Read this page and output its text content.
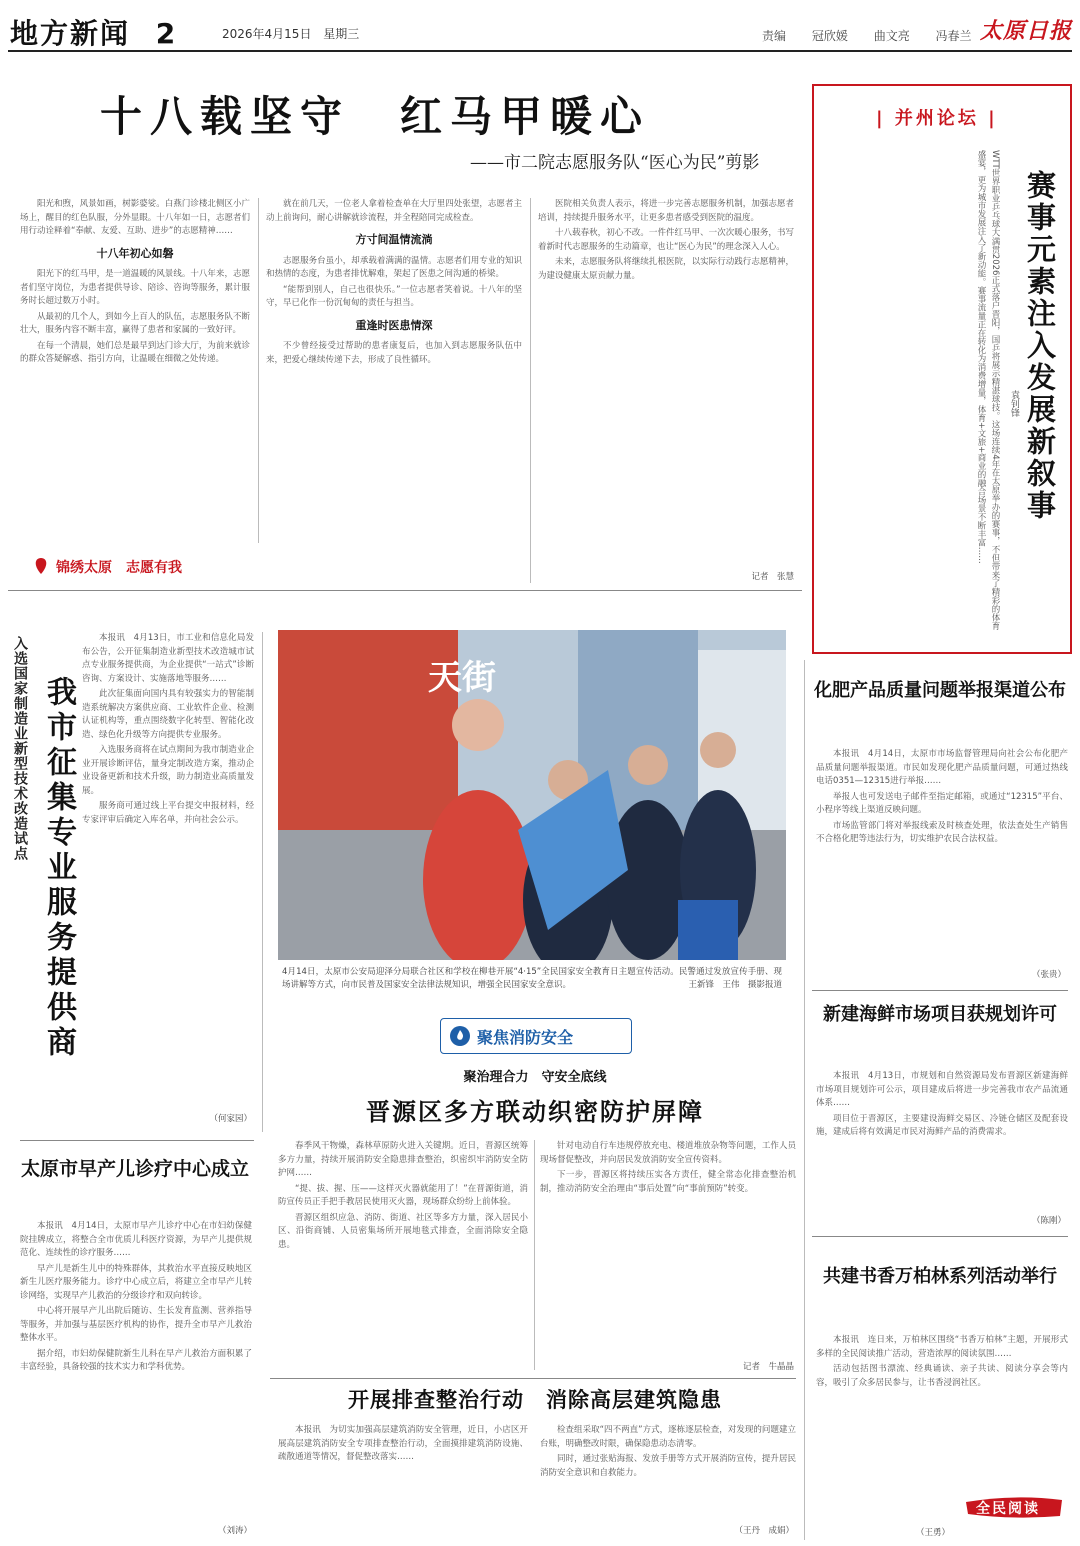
地方新闻 2	2026年4月15日 星期三	责编 冠欣媛 曲文亮 冯春兰 太原日报
十八载坚守　红马甲暖心
——市二院志愿服务队“医心为民”剪影

阳光和煦，风景如画，树影婆娑。白燕门诊楼北侧区小广场上，醒目的红色队服，分外显眼。十八年如一日，志愿者们用行动诠释着“奉献、友爱、互助、进步”的志愿精神……

十八年初心如磐

阳光下的红马甲，是一道温暖的风景线。十八年来，志愿者们坚守岗位，为患者提供导诊、陪诊、咨询等服务，累计服务时长超过数万小时。

从最初的几个人，到如今上百人的队伍，志愿服务队不断壮大，服务内容不断丰富，赢得了患者和家属的一致好评。

在每一个清晨，她们总是最早到达门诊大厅，为前来就诊的群众答疑解惑、指引方向，让温暖在细微之处传递。

就在前几天，一位老人拿着检查单在大厅里四处张望，志愿者主动上前询问，耐心讲解就诊流程，并全程陪同完成检查。

方寸间温情流淌

志愿服务台虽小，却承载着满满的温情。志愿者们用专业的知识和热情的态度，为患者排忧解难，架起了医患之间沟通的桥梁。

“能帮到别人，自己也很快乐。”一位志愿者笑着说。十八年的坚守，早已化作一份沉甸甸的责任与担当。

重逢时医患情深

不少曾经接受过帮助的患者康复后，也加入到志愿服务队伍中来，把爱心继续传递下去，形成了良性循环。

医院相关负责人表示，将进一步完善志愿服务机制，加强志愿者培训，持续提升服务水平，让更多患者感受到医院的温度。

十八载春秋，初心不改。一件件红马甲、一次次暖心服务，书写着新时代志愿服务的生动篇章，也让“医心为民”的理念深入人心。

未来，志愿服务队将继续扎根医院，以实际行动践行志愿精神，为建设健康太原贡献力量。

记者　张慧
锦绣太原　志愿有我
| 并州论坛 |
WTT世界职业乒乓球大满贯2026正式落户晋阳，国乒将展示精湛球技。这场连续4年在太原举办的赛事，不但带来了精彩的体育盛宴，更为城市发展注入了新动能。赛事流量正在转化为消费增量，体育+文旅+商业的融合场景不断丰富……	袁钊锋 赛事元素注入发展新叙事
入选国家制造业新型技术改造试点 我市征集专业服务提供商

本报讯　4月13日，市工业和信息化局发布公告，公开征集制造业新型技术改造城市试点专业服务提供商，为企业提供“一站式”诊断咨询、方案设计、实施落地等服务……

此次征集面向国内具有较强实力的智能制造系统解决方案供应商、工业软件企业、检测认证机构等，重点围绕数字化转型、智能化改造、绿色化升级等方向提供专业服务。

入选服务商将在试点期间为我市制造业企业开展诊断评估，量身定制改造方案，推动企业设备更新和技术升级，助力制造业高质量发展。

服务商可通过线上平台提交申报材料，经专家评审后确定入库名单，并向社会公示。

（何家园）
天街
4月14日，太原市公安局迎泽分局联合社区和学校在柳巷开展“4·15”全民国家安全教育日主题宣传活动。民警通过发放宣传手册、现场讲解等方式，向市民普及国家安全法律法规知识，增强全民国家安全意识。	王新锋　王伟　摄影报道
聚焦消防安全
聚治理合力　守安全底线
晋源区多方联动织密防护屏障

春季风干物燥，森林草原防火进入关键期。近日，晋源区统筹多方力量，持续开展消防安全隐患排查整治，织密织牢消防安全防护网……

“提、拔、握、压——这样灭火器就能用了！”在晋源街道，消防宣传员正手把手教居民使用灭火器，现场群众纷纷上前体验。

晋源区组织应急、消防、街道、社区等多方力量，深入居民小区、沿街商铺、人员密集场所开展地毯式排查，全面消除安全隐患。

针对电动自行车违规停放充电、楼道堆放杂物等问题，工作人员现场督促整改，并向居民发放消防安全宣传资料。

下一步，晋源区将持续压实各方责任，健全常态化排查整治机制，推动消防安全治理由“事后处置”向“事前预防”转变。

记者　牛晶晶
开展排查整治行动　消除高层建筑隐患

本报讯　为切实加强高层建筑消防安全管理，近日，小店区开展高层建筑消防安全专项排查整治行动，全面摸排建筑消防设施、疏散通道等情况，督促整改落实……

检查组采取“四不两直”方式，逐栋逐层检查，对发现的问题建立台账，明确整改时限，确保隐患动态清零。

同时，通过张贴海报、发放手册等方式开展消防宣传，提升居民消防安全意识和自救能力。

（王丹　成娟）
太原市早产儿诊疗中心成立

本报讯　4月14日，太原市早产儿诊疗中心在市妇幼保健院挂牌成立，将整合全市优质儿科医疗资源，为早产儿提供规范化、连续性的诊疗服务……

早产儿是新生儿中的特殊群体，其救治水平直接反映地区新生儿医疗服务能力。诊疗中心成立后，将建立全市早产儿转诊网络，实现早产儿救治的分级诊疗和双向转诊。

中心将开展早产儿出院后随访、生长发育监测、营养指导等服务，并加强与基层医疗机构的协作，提升全市早产儿救治整体水平。

据介绍，市妇幼保健院新生儿科在早产儿救治方面积累了丰富经验，具备较强的技术实力和学科优势。

（刘涛）
化肥产品质量问题举报渠道公布

本报讯　4月14日，太原市市场监督管理局向社会公布化肥产品质量问题举报渠道。市民如发现化肥产品质量问题，可通过热线电话0351—12315进行举报……

举报人也可发送电子邮件至指定邮箱，或通过“12315”平台、小程序等线上渠道反映问题。

市场监管部门将对举报线索及时核查处理，依法查处生产销售不合格化肥等违法行为，切实维护农民合法权益。

（张贵）
新建海鲜市场项目获规划许可

本报讯　4月13日，市规划和自然资源局发布晋源区新建海鲜市场项目规划许可公示，项目建成后将进一步完善我市农产品流通体系……

项目位于晋源区，主要建设海鲜交易区、冷链仓储区及配套设施，建成后将有效满足市民对海鲜产品的消费需求。

（陈刚）
共建书香万柏林系列活动举行

本报讯　连日来，万柏林区围绕“书香万柏林”主题，开展形式多样的全民阅读推广活动，营造浓厚的阅读氛围……

活动包括图书漂流、经典诵读、亲子共读、阅读分享会等内容，吸引了众多居民参与，让书香浸润社区。

（王勇）
全民阅读
